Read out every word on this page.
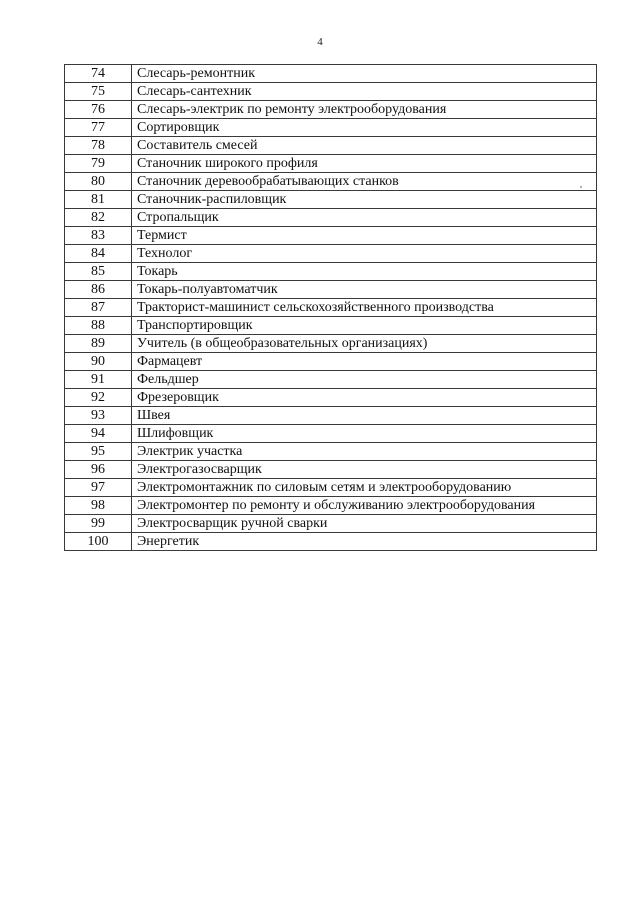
4
74	Слесарь-ремонтник
75	Слесарь-сантехник
76	Слесарь-электрик по ремонту электрооборудования
77	Сортировщик
78	Составитель смесей
79	Станочник широкого профиля
80	Станочник деревообрабатывающих станков
81	Станочник-распиловщик
82	Стропальщик
83	Термист
84	Технолог
85	Токарь
86	Токарь-полуавтоматчик
87	Тракторист-машинист сельскохозяйственного производства
88	Транспортировщик
89	Учитель (в общеобразовательных организациях)
90	Фармацевт
91	Фельдшер
92	Фрезеровщик
93	Швея
94	Шлифовщик
95	Электрик участка
96	Электрогазосварщик
97	Электромонтажник по силовым сетям и электрооборудованию
98	Электромонтер по ремонту и обслуживанию электрооборудования
99	Электросварщик ручной сварки
100	Энергетик
